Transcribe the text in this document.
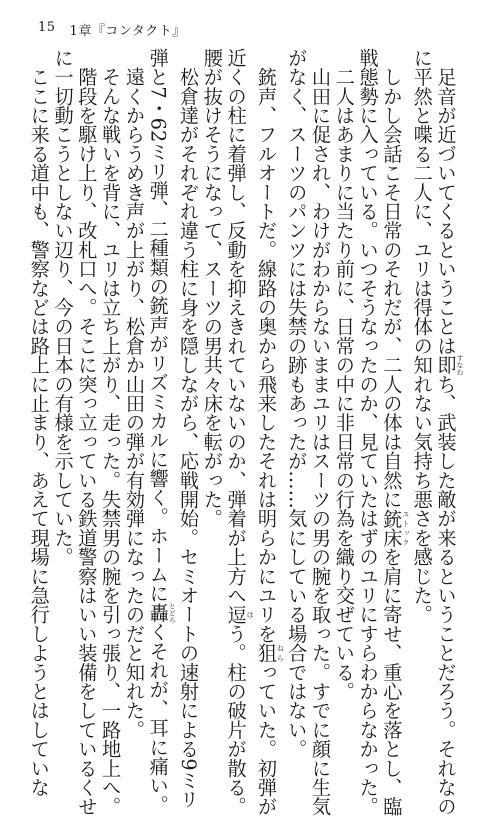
15 1章『コンタクト』

　足音が近づいてくるということは即すなわち、武装した敵が来るということだろう。それなの

に平然と喋る二人に、ユリは得体の知れない気持ち悪さを感じた。

　しかし会話こそ日常のそれだが、二人の体は自然に銃床ストックを肩に寄せ、重心を落とし、臨

戦態勢に入っている。いつそうなったのか、見ていたはずのユリにすらわからなかった。

　二人はあまりに当たり前に、日常の中に非日常の行為を織り交ぜている。

　山田に促され、わけがわからないままユリはスーツの男の腕を取った。すでに顔に生気

がなく、スーツのパンツには失禁の跡もあったが……気にしている場合ではない。

　銃声、フルオートだ。線路の奥から飛来したそれは明らかにユリを狙ねらっていた。初弾が

近くの柱に着弾し、反動を抑えきれていないのか、弾着が上方へ逗はう。柱の破片が散る。

腰が抜けそうになって、スーツの男共々床を転がった。

　松倉達がそれぞれ違う柱に身を隠しながら、応戦開始。セミオートの速射による9ミリ

弾と7・62ミリ弾、二種類の銃声がリズミカルに響く。ホームに轟とどろくそれが、耳に痛い。

　遠くからうめき声が上がり、松倉か山田の弾が有効弾になったのだと知れた。

　そんな戦いを背に、ユリは立ち上がり、走った。失禁男の腕を引っ張り、一路地上へ。

　階段を駆け上り、改札口へ。そこに突っ立っている鉄道警察はいい装備をしているくせ

に一切動こうとしない辺り、今の日本の有様を示していた。

　ここに来る道中も、警察などは路上に止まり、あえて現場に急行しようとはしていな
